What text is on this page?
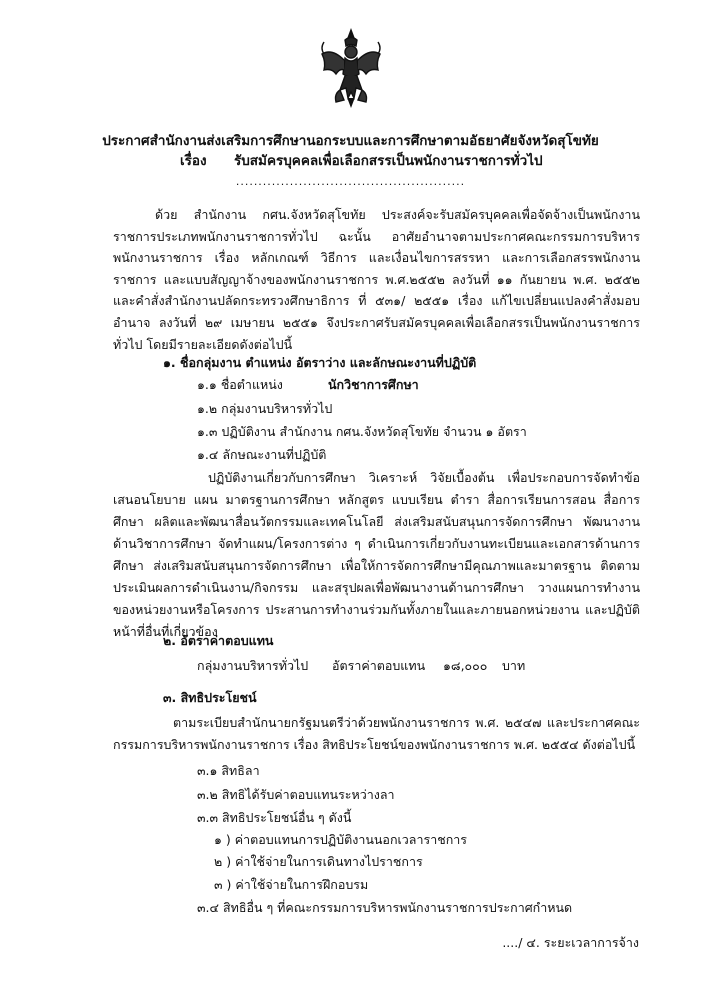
ประกาศสำนักงานส่งเสริมการศึกษานอกระบบและการศึกษาตามอัธยาศัยจังหวัดสุโขทัย
เรื่อง รับสมัครบุคคลเพื่อเลือกสรรเป็นพนักงานราชการทั่วไป
...................................................
ด้วย สำนักงาน กศน.จังหวัดสุโขทัย ประสงค์จะรับสมัครบุคคลเพื่อจัดจ้างเป็นพนักงานราชการประเภทพนักงานราชการทั่วไป ฉะนั้น อาศัยอำนาจตามประกาศคณะกรรมการบริหารพนักงานราชการ เรื่อง หลักเกณฑ์ วิธีการ และเงื่อนไขการสรรหา และการเลือกสรรพนักงานราชการ และแบบสัญญาจ้างของพนักงานราชการ พ.ศ.๒๕๕๒ ลงวันที่ ๑๑ กันยายน พ.ศ. ๒๕๕๒ และคำสั่งสำนักงานปลัดกระทรวงศึกษาธิการ ที่ ๕๓๑/ ๒๕๕๑ เรื่อง แก้ไขเปลี่ยนแปลงคำสั่งมอบอำนาจ ลงวันที่ ๒๙ เมษายน ๒๕๕๑ จึงประกาศรับสมัครบุคคลเพื่อเลือกสรรเป็นพนักงานราชการทั่วไป โดยมีรายละเอียดดังต่อไปนี้
๑. ชื่อกลุ่มงาน ตำแหน่ง อัตราว่าง และลักษณะงานที่ปฏิบัติ
๑.๑ ชื่อตำแหน่ง	นักวิชาการศึกษา
๑.๒ กลุ่มงานบริหารทั่วไป
๑.๓ ปฏิบัติงาน สำนักงาน กศน.จังหวัดสุโขทัย จำนวน ๑ อัตรา
๑.๔ ลักษณะงานที่ปฏิบัติ
ปฏิบัติงานเกี่ยวกับการศึกษา วิเคราะห์ วิจัยเบื้องต้น เพื่อประกอบการจัดทำข้อเสนอนโยบาย แผน มาตรฐานการศึกษา หลักสูตร แบบเรียน ตำรา สื่อการเรียนการสอน สื่อการศึกษา ผลิตและพัฒนาสื่อนวัตกรรมและเทคโนโลยี ส่งเสริมสนับสนุนการจัดการศึกษา พัฒนางานด้านวิชาการศึกษา จัดทำแผน/โครงการต่าง ๆ ดำเนินการเกี่ยวกับงานทะเบียนและเอกสารด้านการศึกษา ส่งเสริมสนับสนุนการจัดการศึกษา เพื่อให้การจัดการศึกษามีคุณภาพและมาตรฐาน ติดตาม ประเมินผลการดำเนินงาน/กิจกรรม และสรุปผลเพื่อพัฒนางานด้านการศึกษา วางแผนการทำงานของหน่วยงานหรือโครงการ ประสานการทำงานร่วมกันทั้งภายในและภายนอกหน่วยงาน และปฏิบัติหน้าที่อื่นที่เกี่ยวข้อง
๒. อัตราค่าตอบแทน
กลุ่มงานบริหารทั่วไป อัตราค่าตอบแทน ๑๘,๐๐๐ บาท
๓. สิทธิประโยชน์
ตามระเบียบสำนักนายกรัฐมนตรีว่าด้วยพนักงานราชการ พ.ศ. ๒๕๔๗ และประกาศคณะกรรมการบริหารพนักงานราชการ เรื่อง สิทธิประโยชน์ของพนักงานราชการ พ.ศ. ๒๕๕๔ ดังต่อไปนี้
๓.๑ สิทธิลา
๓.๒ สิทธิได้รับค่าตอบแทนระหว่างลา
๓.๓ สิทธิประโยชน์อื่น ๆ ดังนี้
๑ ) ค่าตอบแทนการปฏิบัติงานนอกเวลาราชการ
๒ ) ค่าใช้จ่ายในการเดินทางไปราชการ
๓ ) ค่าใช้จ่ายในการฝึกอบรม
๓.๔ สิทธิอื่น ๆ ที่คณะกรรมการบริหารพนักงานราชการประกาศกำหนด
..../ ๔. ระยะเวลาการจ้าง
